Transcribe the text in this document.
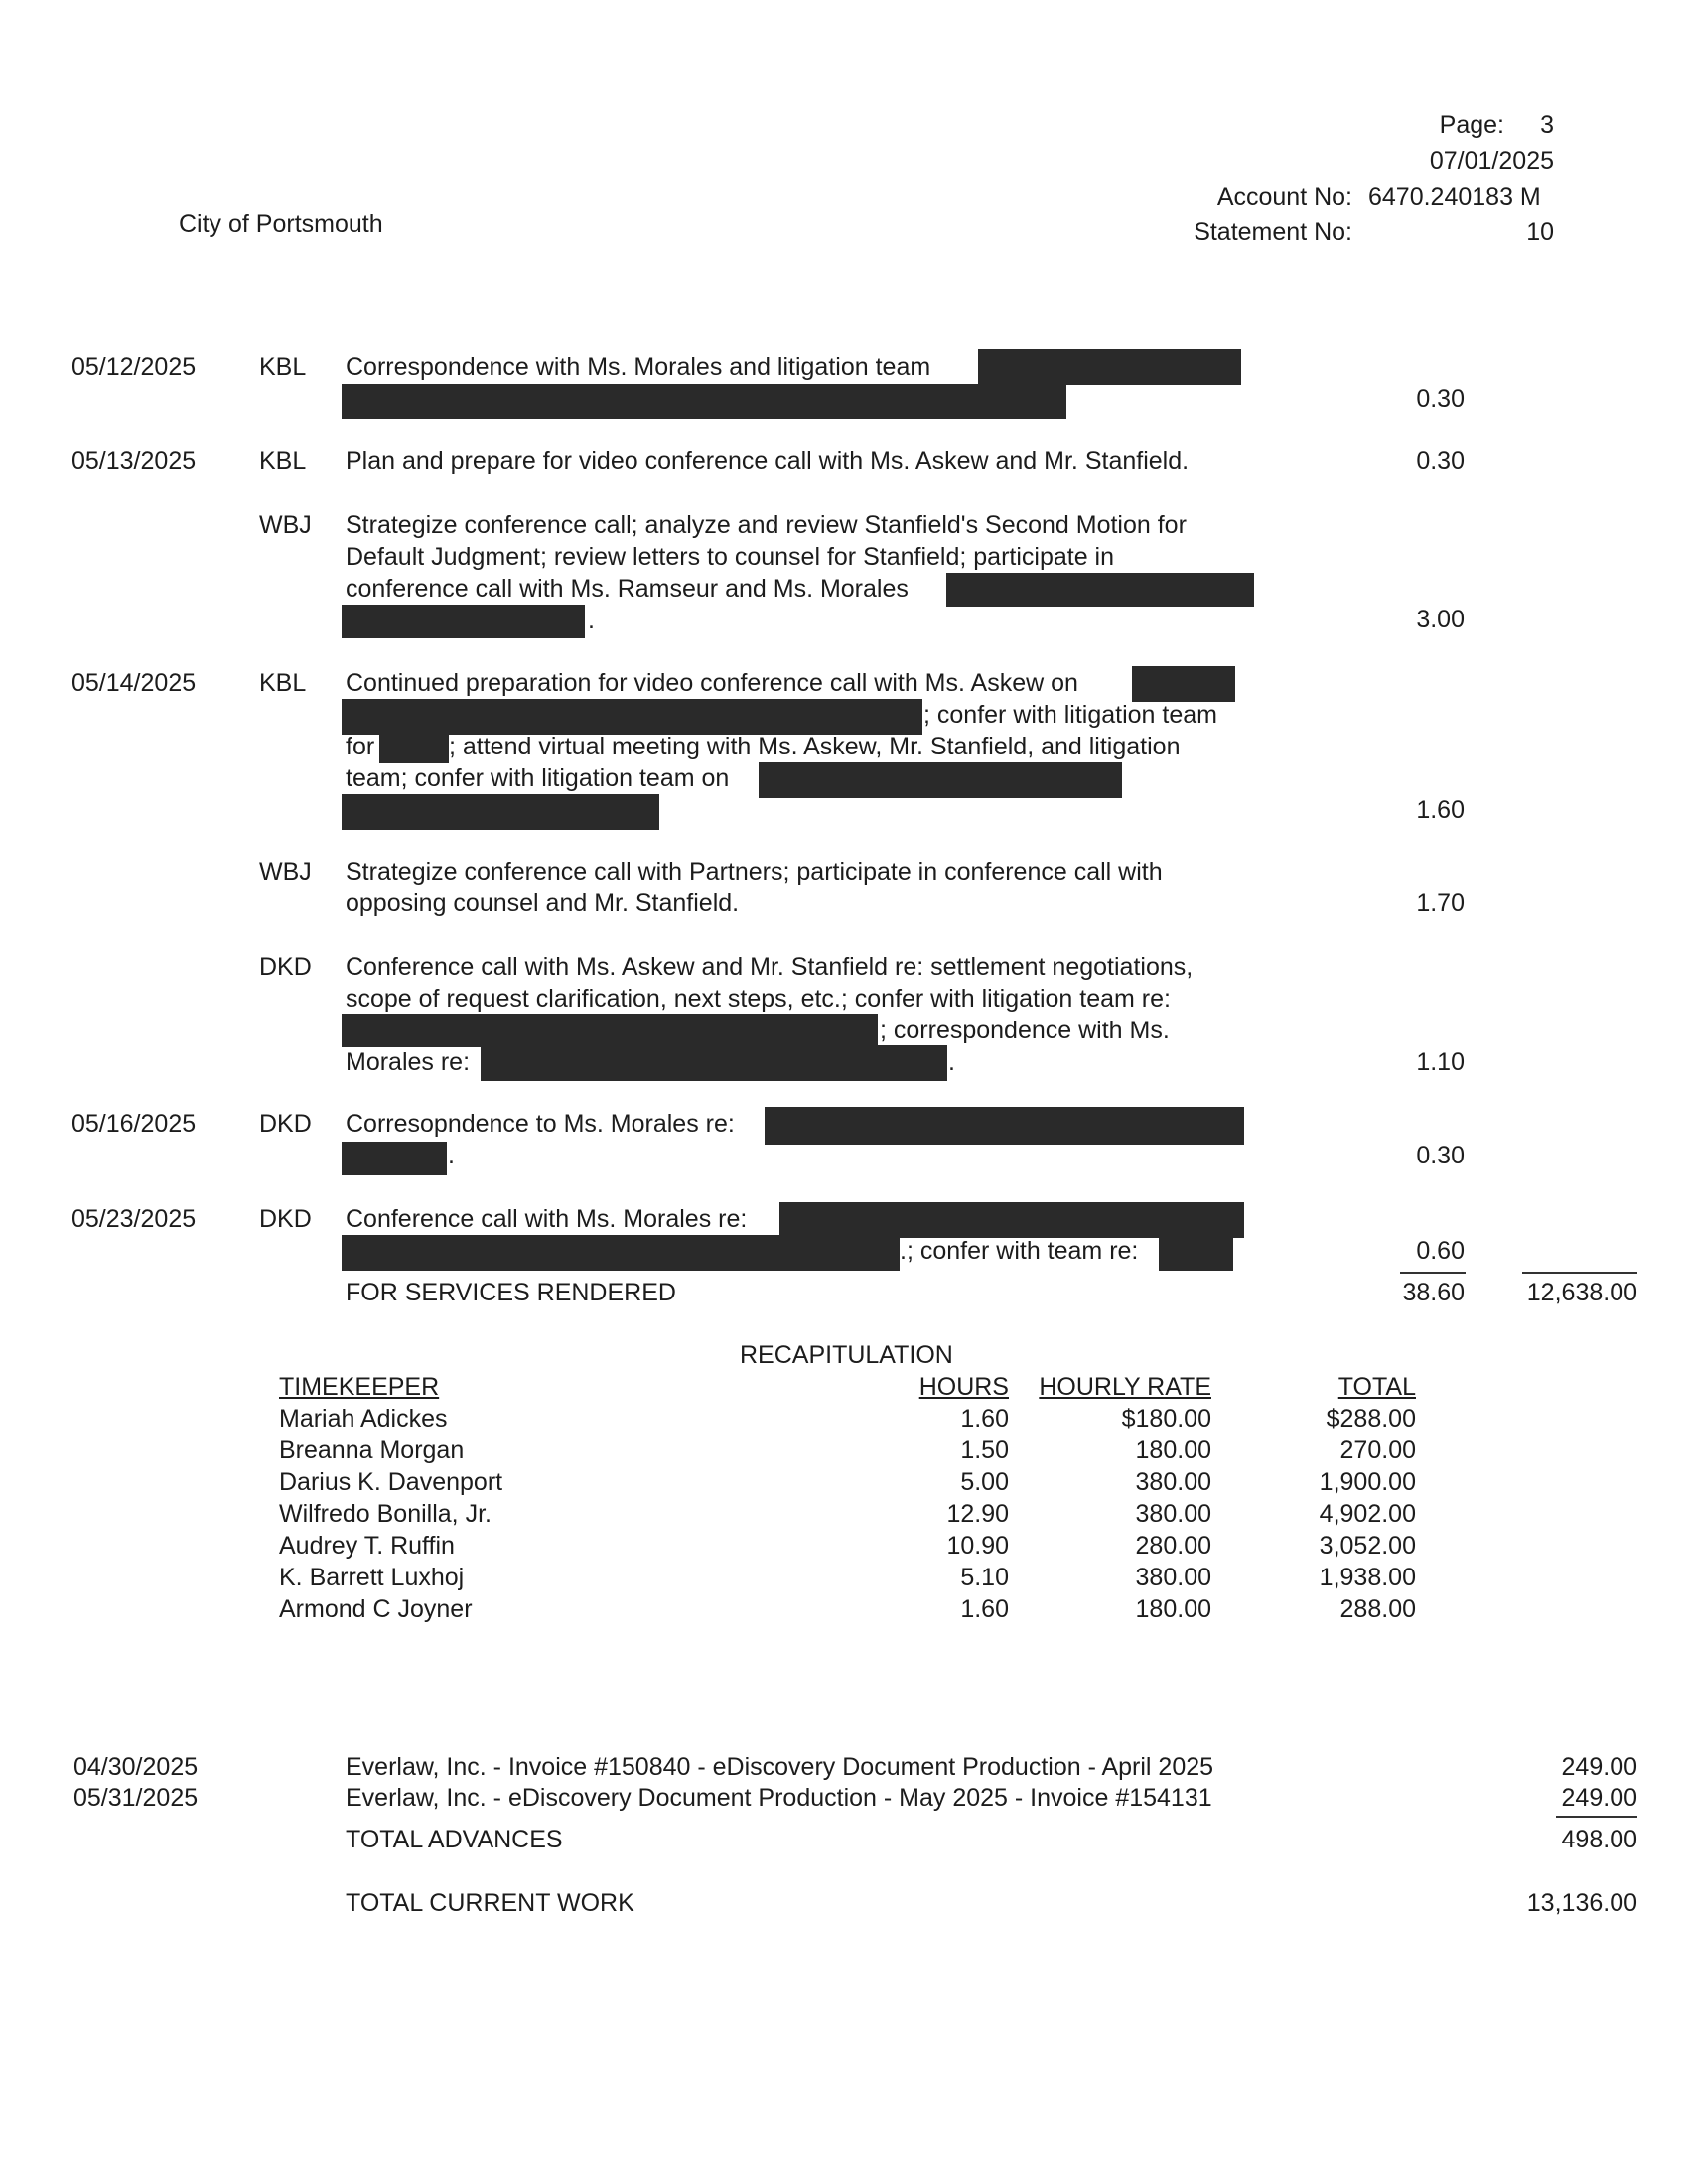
Page:	3
07/01/2025
Account No: 6470.240183 M
Statement No:	10
City of Portsmouth
05/12/2025	KBL Correspondence with Ms. Morales and litigation team
0.30
05/13/2025	KBL Plan and prepare for video conference call with Ms. Askew and Mr. Stanfield.	0.30
WBJ Strategize conference call; analyze and review Stanfield's Second Motion for
Default Judgment; review letters to counsel for Stanfield; participate in
conference call with Ms. Ramseur and Ms. Morales
.	3.00
05/14/2025	KBL Continued preparation for video conference call with Ms. Askew on
; confer with litigation team
for	; attend virtual meeting with Ms. Askew, Mr. Stanfield, and litigation
team; confer with litigation team on
1.60
WBJ Strategize conference call with Partners; participate in conference call with
opposing counsel and Mr. Stanfield.	1.70
DKD Conference call with Ms. Askew and Mr. Stanfield re: settlement negotiations,
scope of request clarification, next steps, etc.; confer with litigation team re:
; correspondence with Ms.
Morales re:	.	1.10
05/16/2025	DKD Corresopndence to Ms. Morales re:
.	0.30
05/23/2025	DKD Conference call with Ms. Morales re:
.; confer with team re:	0.60
FOR SERVICES RENDERED	38.60	12,638.00
RECAPITULATION
TIMEKEEPER	HOURS	HOURLY RATE	TOTAL
Mariah Adickes	1.60	$180.00	$288.00
Breanna Morgan	1.50	180.00	270.00
Darius K. Davenport	5.00	380.00	1,900.00
Wilfredo Bonilla, Jr.	12.90	380.00	4,902.00
Audrey T. Ruffin	10.90	280.00	3,052.00
K. Barrett Luxhoj	5.10	380.00	1,938.00
Armond C Joyner	1.60	180.00	288.00
04/30/2025	Everlaw, Inc. - Invoice #150840 - eDiscovery Document Production - April 2025	249.00
05/31/2025	Everlaw, Inc. - eDiscovery Document Production - May 2025 - Invoice #154131	249.00
TOTAL ADVANCES	498.00
TOTAL CURRENT WORK	13,136.00
